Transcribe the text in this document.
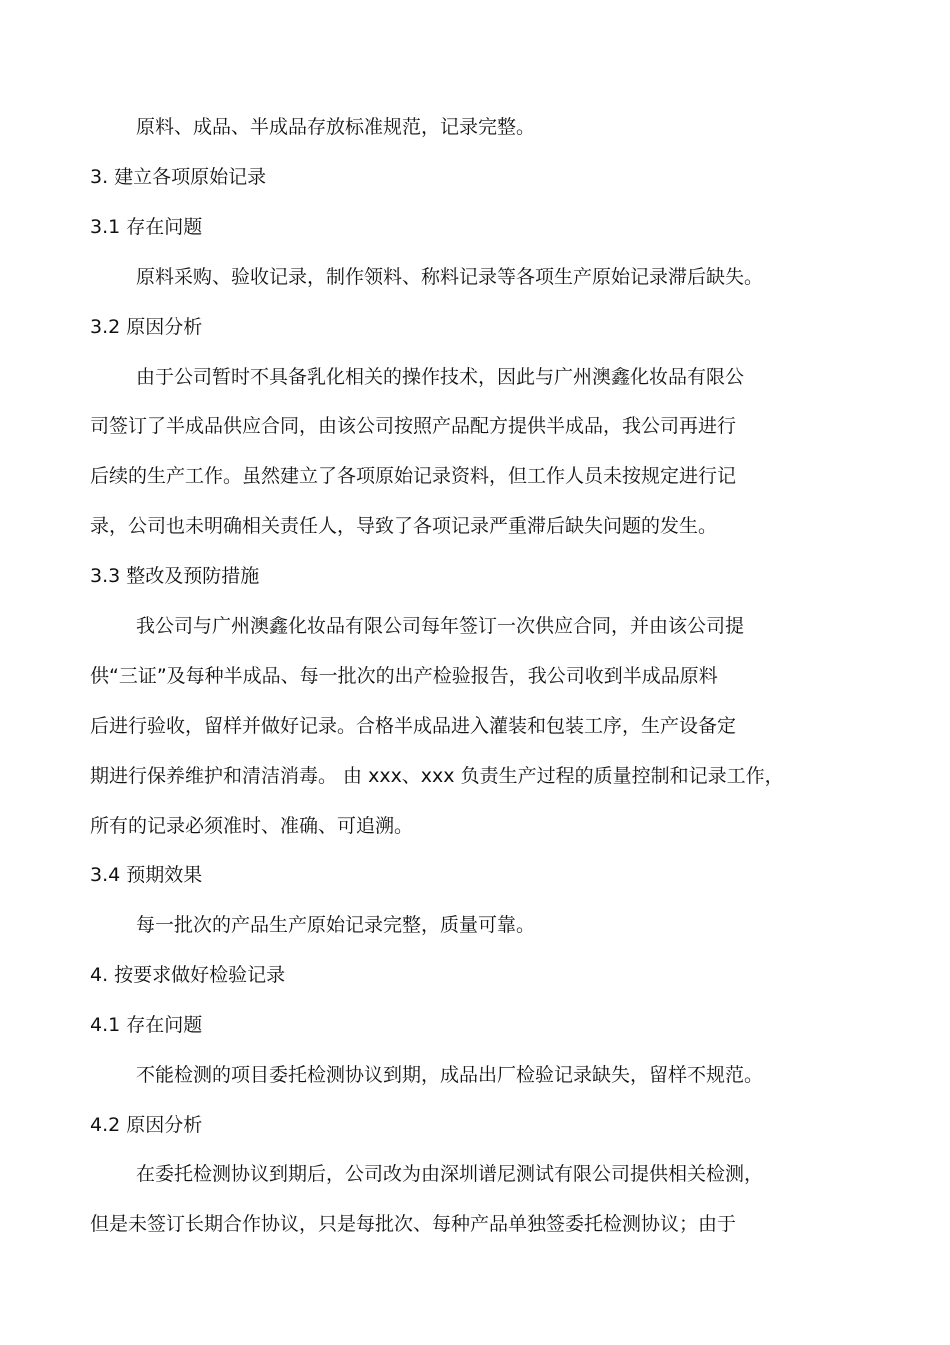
原料、成品、半成品存放标准规范，记录完整。
3. 建立各项原始记录
3.1 存在问题
原料采购、验收记录，制作领料、称料记录等各项生产原始记录滞后缺失。
3.2 原因分析
由于公司暂时不具备乳化相关的操作技术，因此与广州澳鑫化妆品有限公
司签订了半成品供应合同，由该公司按照产品配方提供半成品，我公司再进行
后续的生产工作。虽然建立了各项原始记录资料，但工作人员未按规定进行记
录，公司也未明确相关责任人，导致了各项记录严重滞后缺失问题的发生。
3.3 整改及预防措施
我公司与广州澳鑫化妆品有限公司每年签订一次供应合同，并由该公司提
供“三证”及每种半成品、每一批次的出产检验报告，我公司收到半成品原料
后进行验收，留样并做好记录。合格半成品进入灌装和包装工序，生产设备定
期进行保养维护和清洁消毒。 由 xxx、xxx 负责生产过程的质量控制和记录工作，
所有的记录必须准时、准确、可追溯。
3.4 预期效果
每一批次的产品生产原始记录完整，质量可靠。
4. 按要求做好检验记录
4.1 存在问题
不能检测的项目委托检测协议到期，成品出厂检验记录缺失，留样不规范。
4.2 原因分析
在委托检测协议到期后，公司改为由深圳谱尼测试有限公司提供相关检测，
但是未签订长期合作协议，只是每批次、每种产品单独签委托检测协议；由于
